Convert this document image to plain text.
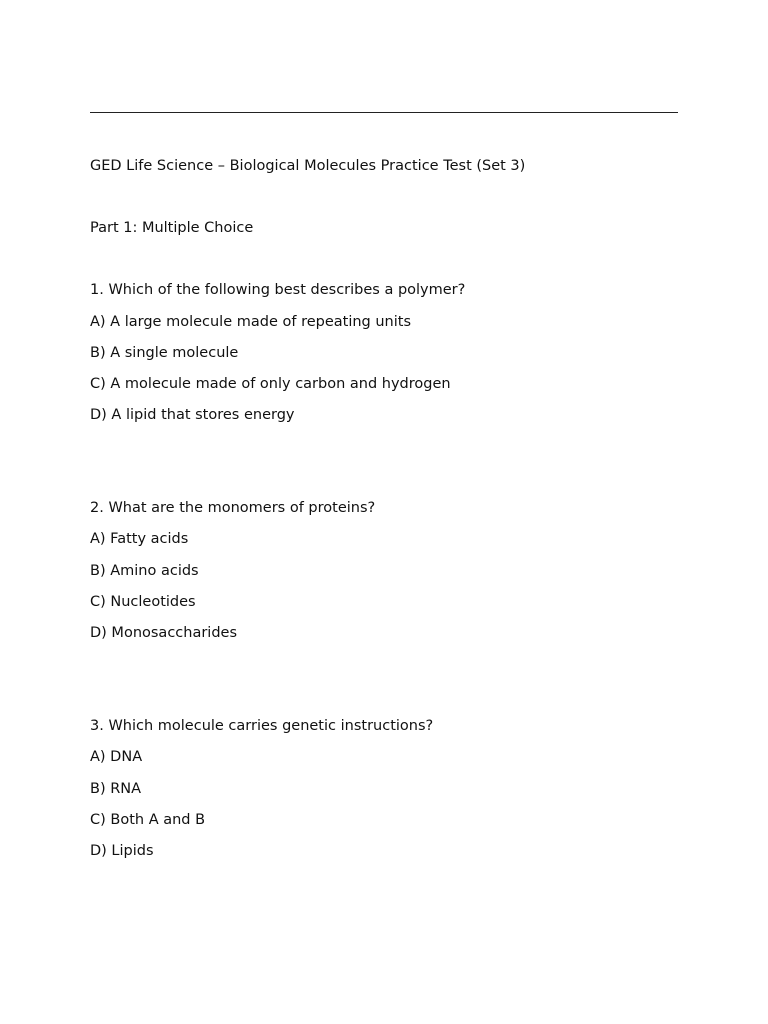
GED Life Science – Biological Molecules Practice Test (Set 3)
Part 1: Multiple Choice
1. Which of the following best describes a polymer?
A) A large molecule made of repeating units
B) A single molecule
C) A molecule made of only carbon and hydrogen
D) A lipid that stores energy
2. What are the monomers of proteins?
A) Fatty acids
B) Amino acids
C) Nucleotides
D) Monosaccharides
3. Which molecule carries genetic instructions?
A) DNA
B) RNA
C) Both A and B
D) Lipids
